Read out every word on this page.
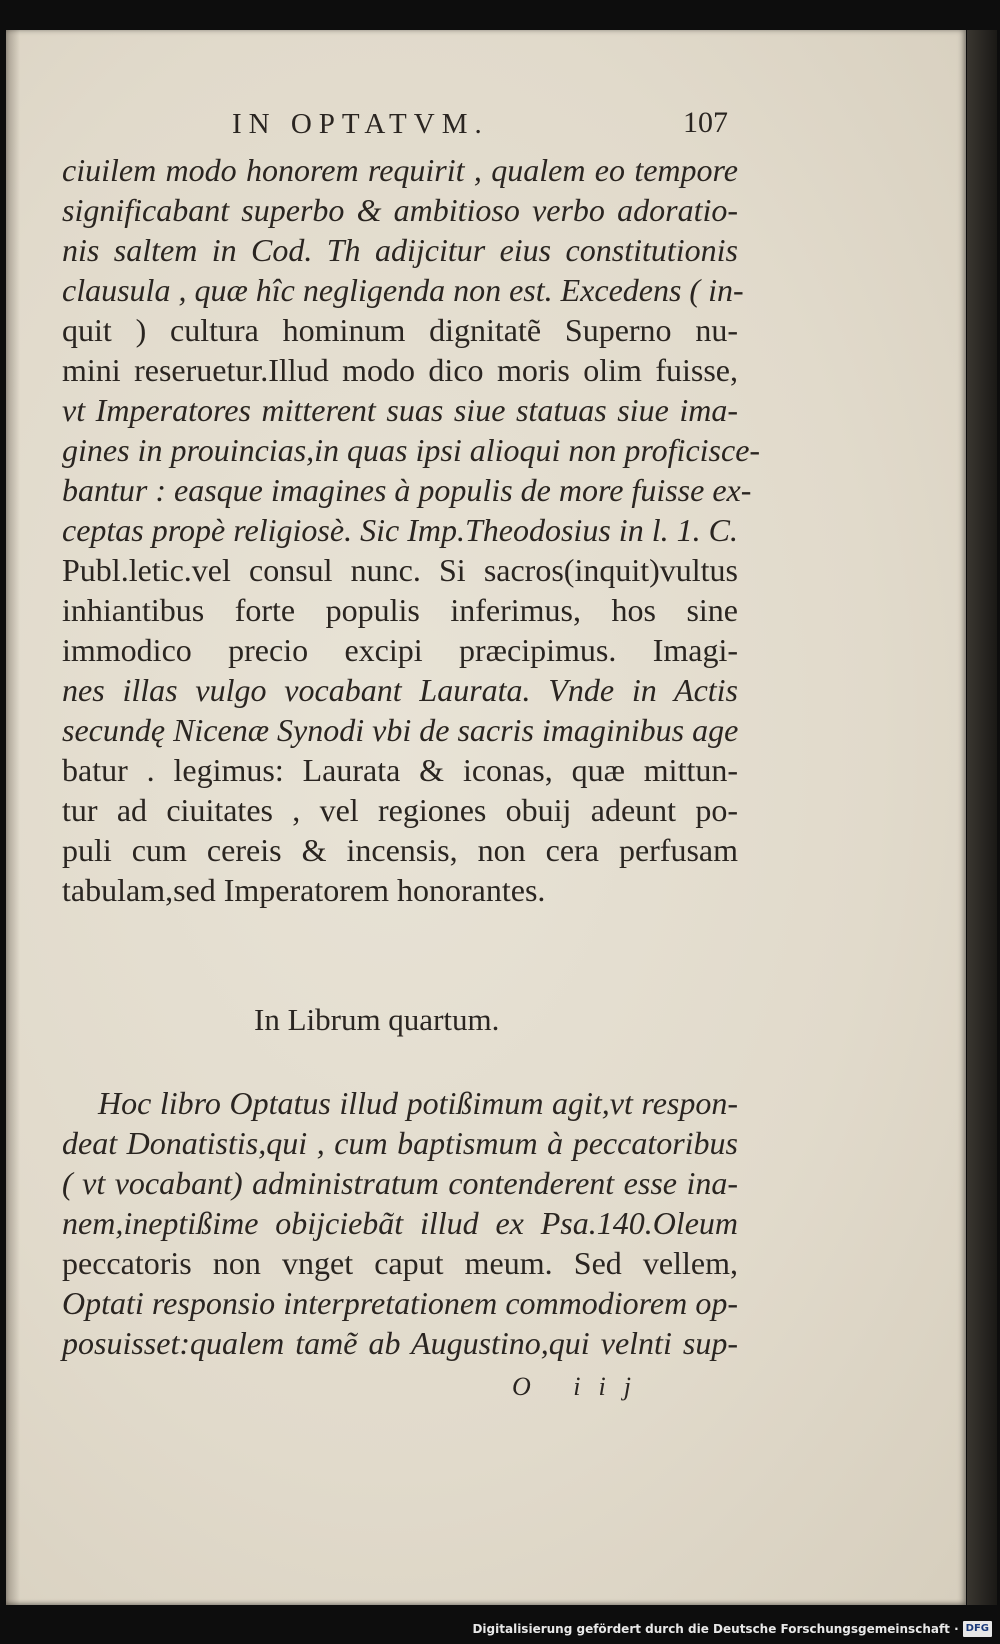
IN OPTATVM.	107
ciuilem modo honorem requirit , qualem eo tempore
significabant superbo & ambitioso verbo adoratio-
nis saltem in Cod. Th adijcitur eius constitutionis
clausula , quæ hîc negligenda non est. Excedens ( in-
quit ) cultura hominum dignitatẽ Superno nu-
mini reseruetur.Illud modo dico moris olim fuisse,
vt Imperatores mitterent suas siue statuas siue ima-
gines in prouincias,in quas ipsi alioqui non proficisce-
bantur : easque imagines à populis de more fuisse ex-
ceptas propè religiosè. Sic Imp.Theodosius in l. 1. C.
Publ.letic.vel consul nunc. Si sacros(inquit)vultus
inhiantibus forte populis inferimus, hos sine
immodico precio excipi præcipimus. Imagi-
nes illas vulgo vocabant Laurata. Vnde in Actis
secundę Nicenæ Synodi vbi de sacris imaginibus age
batur . legimus: Laurata & iconas, quæ mittun-
tur ad ciuitates , vel regiones obuij adeunt po-
puli cum cereis & incensis, non cera perfusam
tabulam,sed Imperatorem honorantes.
In Librum quartum.
Hoc libro Optatus illud potißimum agit,vt respon-
deat Donatistis,qui , cum baptismum à peccatoribus
( vt vocabant) administratum contenderent esse ina-
nem,ineptißime obijciebãt illud ex Psa.140.Oleum
peccatoris non vnget caput meum. Sed vellem,
Optati responsio interpretationem commodiorem op-
posuisset:qualem tamẽ ab Augustino,qui velnti sup-
O iij
Digitalisierung gefördert durch die Deutsche Forschungsgemeinschaft · DFG
